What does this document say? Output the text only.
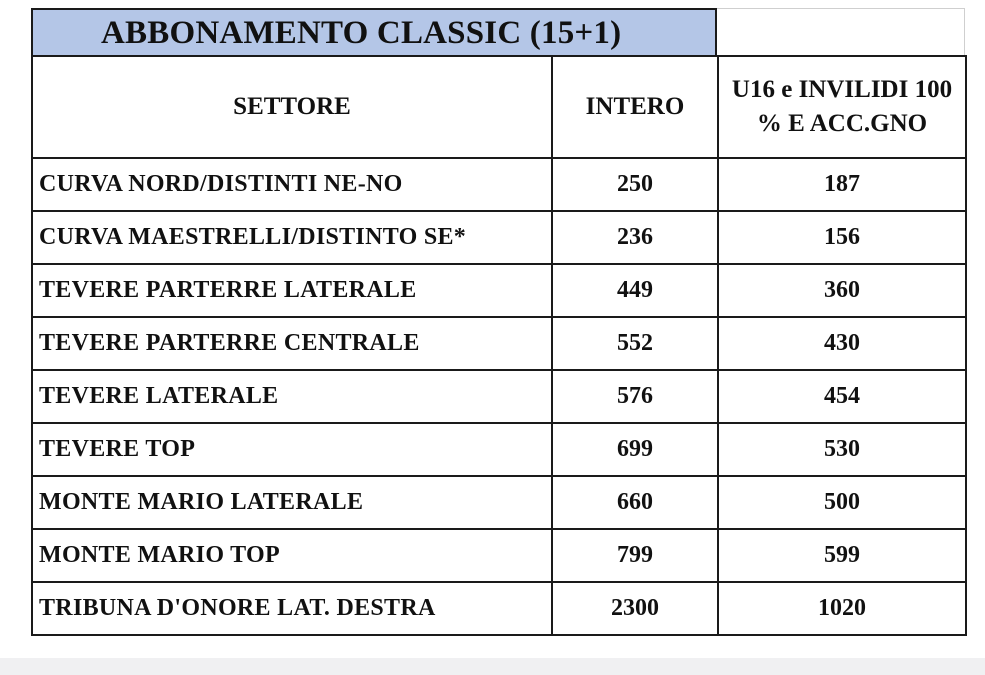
ABBONAMENTO CLASSIC (15+1)
SETTORE	INTERO	U16 e INVILIDI 100
% E ACC.GNO
CURVA NORD/DISTINTI NE-NO	250	187
CURVA MAESTRELLI/DISTINTO SE*	236	156
TEVERE PARTERRE LATERALE	449	360
TEVERE PARTERRE CENTRALE	552	430
TEVERE LATERALE	576	454
TEVERE TOP	699	530
MONTE MARIO LATERALE	660	500
MONTE MARIO TOP	799	599
TRIBUNA D'ONORE LAT. DESTRA	2300	1020
